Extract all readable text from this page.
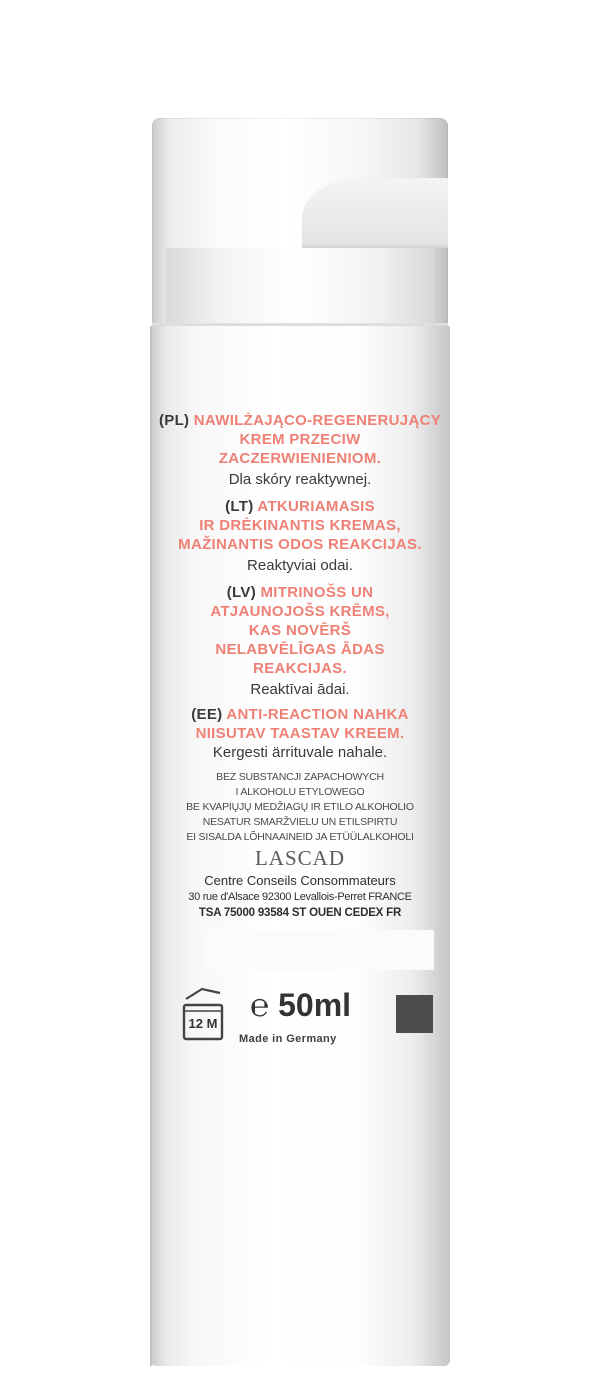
(PL) NAWILŻAJĄCO-REGENERUJĄCY
KREM PRZECIW
ZACZERWIENIENIOM.
Dla skóry reaktywnej.
(LT) ATKURIAMASIS
IR DRĖKINANTIS KREMAS,
MAŽINANTIS ODOS REAKCIJAS.
Reaktyviai odai.
(LV) MITRINOŠS UN
ATJAUNOJOŠS KRĒMS,
KAS NOVĒRŠ
NELABVĒLĪGAS ĀDAS
REAKCIJAS.
Reaktīvai ādai.
(EE) ANTI-REACTION NAHKA
NIISUTAV TAASTAV KREEM.
Kergesti ärrituvale nahale.
BEZ SUBSTANCJI ZAPACHOWYCH
I ALKOHOLU ETYLOWEGO
BE KVAPIŲJŲ MEDŽIAGŲ IR ETILO ALKOHOLIO
NESATUR SMARŽVIELU UN ETILSPIRTU
EI SISALDA LÕHNAAINEID JA ETÜÜLALKOHOLI
LASCAD
Centre Conseils Consommateurs
30 rue d'Alsace 92300 Levallois-Perret FRANCE
TSA 75000 93584 ST OUEN CEDEX FR
12 M
℮ 50ml
Made in Germany
